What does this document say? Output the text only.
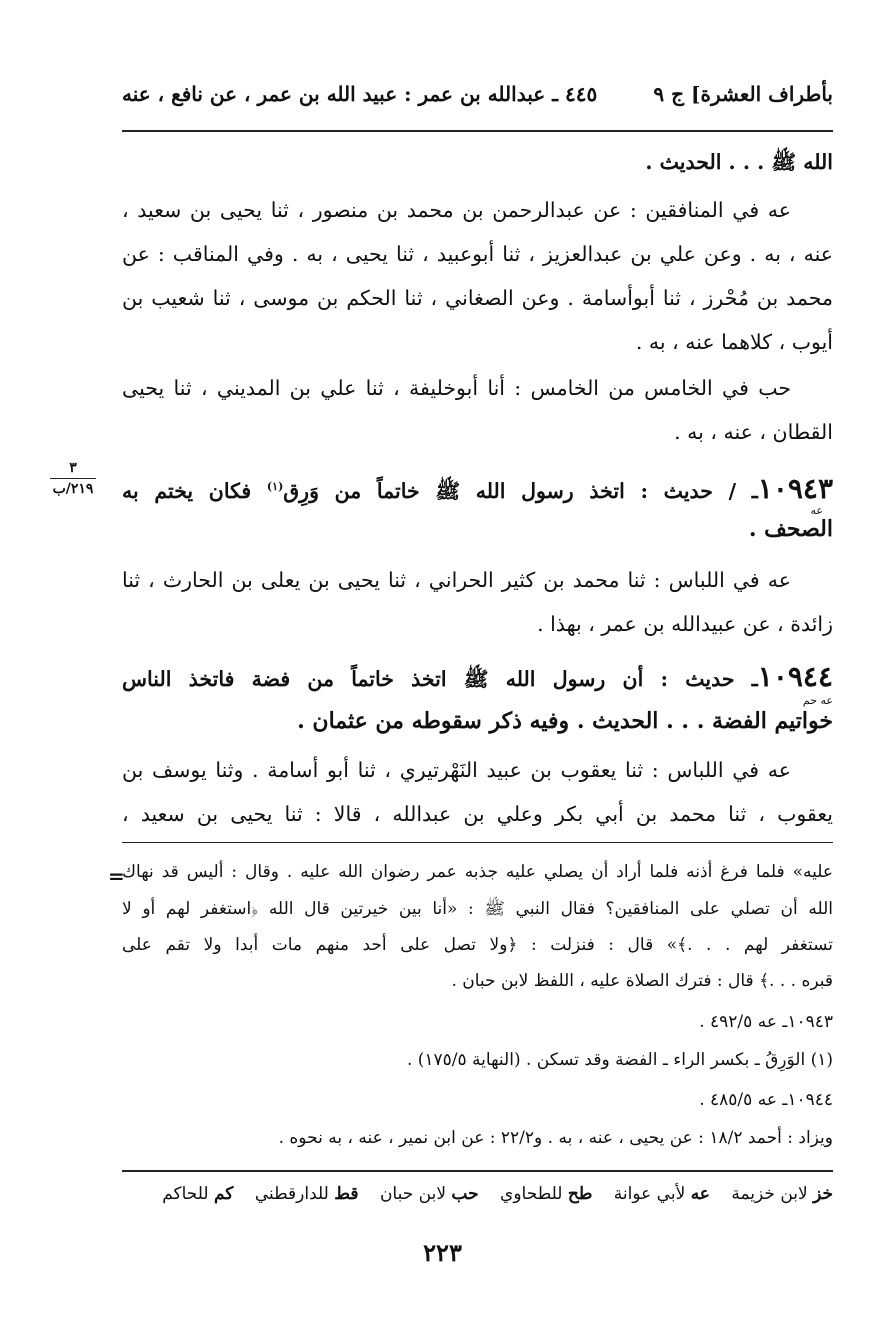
بأطراف العشرة] ج ٩
٤٤٥ ـ عبدالله بن عمر : عبيد الله بن عمر ، عن نافع ، عنه
الله ﷺ . . . الحديث .
عه في المنافقين : عن عبدالرحمن بن محمد بن منصور ، ثنا يحيى بن سعيد ،
عنه ، به . وعن علي بن عبدالعزيز ، ثنا أبوعبيد ، ثنا يحيى ، به . وفي المناقب : عن
محمد بن مُحْرز ، ثنا أبوأسامة . وعن الصغاني ، ثنا الحكم بن موسى ، ثنا شعيب بن
أيوب ، كلاهما عنه ، به .
حب في الخامس من الخامس : أنا أبوخليفة ، ثنا علي بن المديني ، ثنا يحيى
القطان ، عنه ، به .
٣
٢١٩/ب	١٠٩٤٣ـ / حديث : اتخذ رسول الله ﷺ خاتماً من وَرِق$^{(١)}$ فكان يختم به
عه
الصحف .
عه في اللباس : ثنا محمد بن كثير الحراني ، ثنا يحيى بن يعلى بن الحارث ، ثنا
زائدة ، عن عبيدالله بن عمر ، بهذا .
١٠٩٤٤ـ حديث : أن رسول الله ﷺ اتخذ خاتماً من فضة فاتخذ الناس
عه حم
خواتيم الفضة . . . الحديث . وفيه ذكر سقوطه من عثمان .
عه في اللباس : ثنا يعقوب بن عبيد النَهْرتيري ، ثنا أبو أسامة . وثنا يوسف بن
يعقوب ، ثنا محمد بن أبي بكر وعلي بن عبدالله ، قالا : ثنا يحيى بن سعيد ،
=
عليه» فلما فرغ أذنه فلما أراد أن يصلي عليه جذبه عمر رضوان الله عليه . وقال : أليس قد نهاك
الله أن تصلي على المنافقين؟ فقال النبي ﷺ : «أنا بين خيرتين قال الله ﴿استغفر لهم أو لا
تستغفر لهم . . .﴾» قال : فنزلت : ﴿ولا تصل على أحد منهم مات أبدا ولا تقم على
قبره . . .﴾ قال : فترك الصلاة عليه ، اللفظ لابن حبان .
١٠٩٤٣ـ عه ٤٩٢/٥ .
(١) الوَرِقُ ـ بكسر الراء ـ الفضة وقد تسكن . (النهاية ١٧٥/٥) .
١٠٩٤٤ـ عه ٤٨٥/٥ .
ويزاد : أحمد ١٨/٢ : عن يحيى ، عنه ، به . و٢٢/٢ : عن ابن نمير ، عنه ، به نحوه .
خز لابن خزيمة عه لأبي عوانة طح للطحاوي حب لابن حبان قط للدارقطني كم للحاكم
٢٢٣
